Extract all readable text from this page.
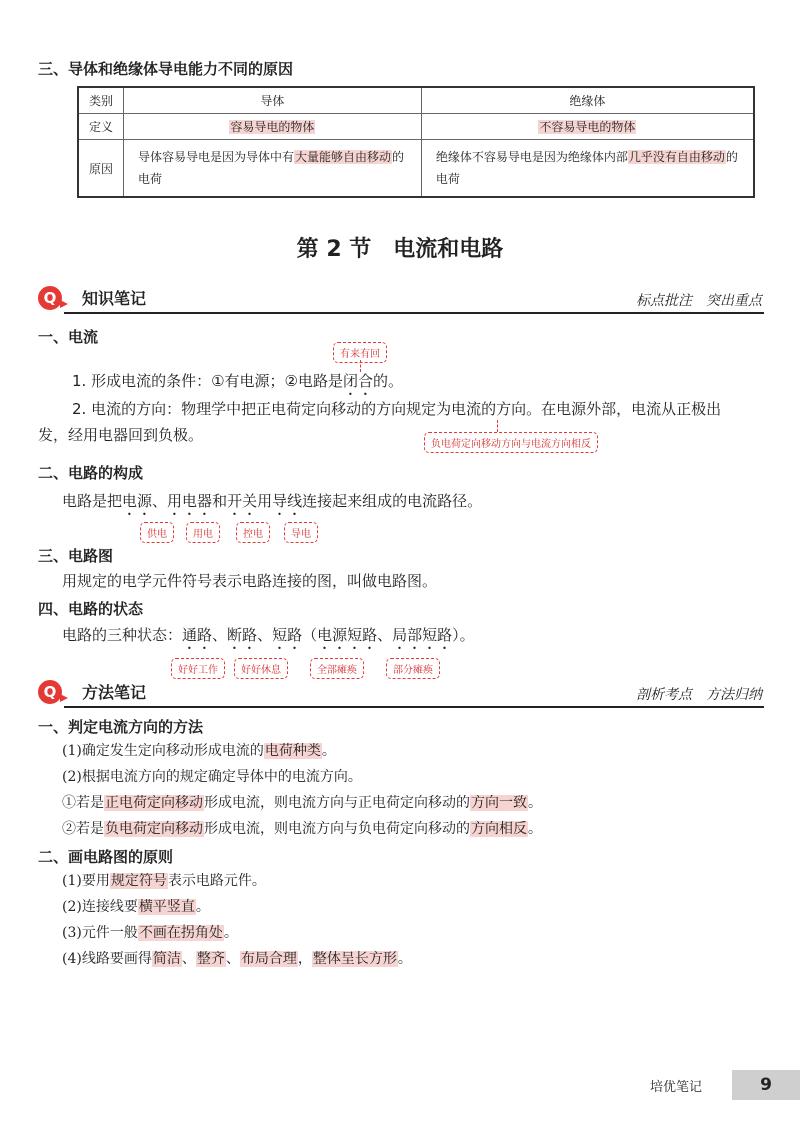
三、导体和绝缘体导电能力不同的原因
类别	导体	绝缘体
定义	容易导电的物体	不容易导电的物体
原因	导体容易导电是因为导体中有大量能够自由移动的电荷	绝缘体不容易导电是因为绝缘体内部几乎没有自由移动的电荷
第 2 节　电流和电路
Q	知识笔记	标点批注　突出重点
一、电流
有来有回
1. 形成电流的条件：①有电源；②电路是闭合的。
2. 电流的方向：物理学中把正电荷定向移动的方向规定为电流的方向。在电源外部，电流从正极出
发，经用电器回到负极。
负电荷定向移动方向与电流方向相反
二、电路的构成
电路是把电源、用电器和开关用导线连接起来组成的电流路径。
供电	用电	控电	导电
三、电路图
用规定的电学元件符号表示电路连接的图，叫做电路图。
四、电路的状态
电路的三种状态：通路、断路、短路（电源短路、局部短路）。
好好工作	好好休息	全部瘫痪	部分瘫痪
Q	方法笔记	剖析考点　方法归纳
一、判定电流方向的方法
(1)确定发生定向移动形成电流的电荷种类。
(2)根据电流方向的规定确定导体中的电流方向。
①若是正电荷定向移动形成电流，则电流方向与正电荷定向移动的方向一致。
②若是负电荷定向移动形成电流，则电流方向与负电荷定向移动的方向相反。
二、画电路图的原则
(1)要用规定符号表示电路元件。
(2)连接线要横平竖直。
(3)元件一般不画在拐角处。
(4)线路要画得简洁、整齐、布局合理，整体呈长方形。
培优笔记	9
